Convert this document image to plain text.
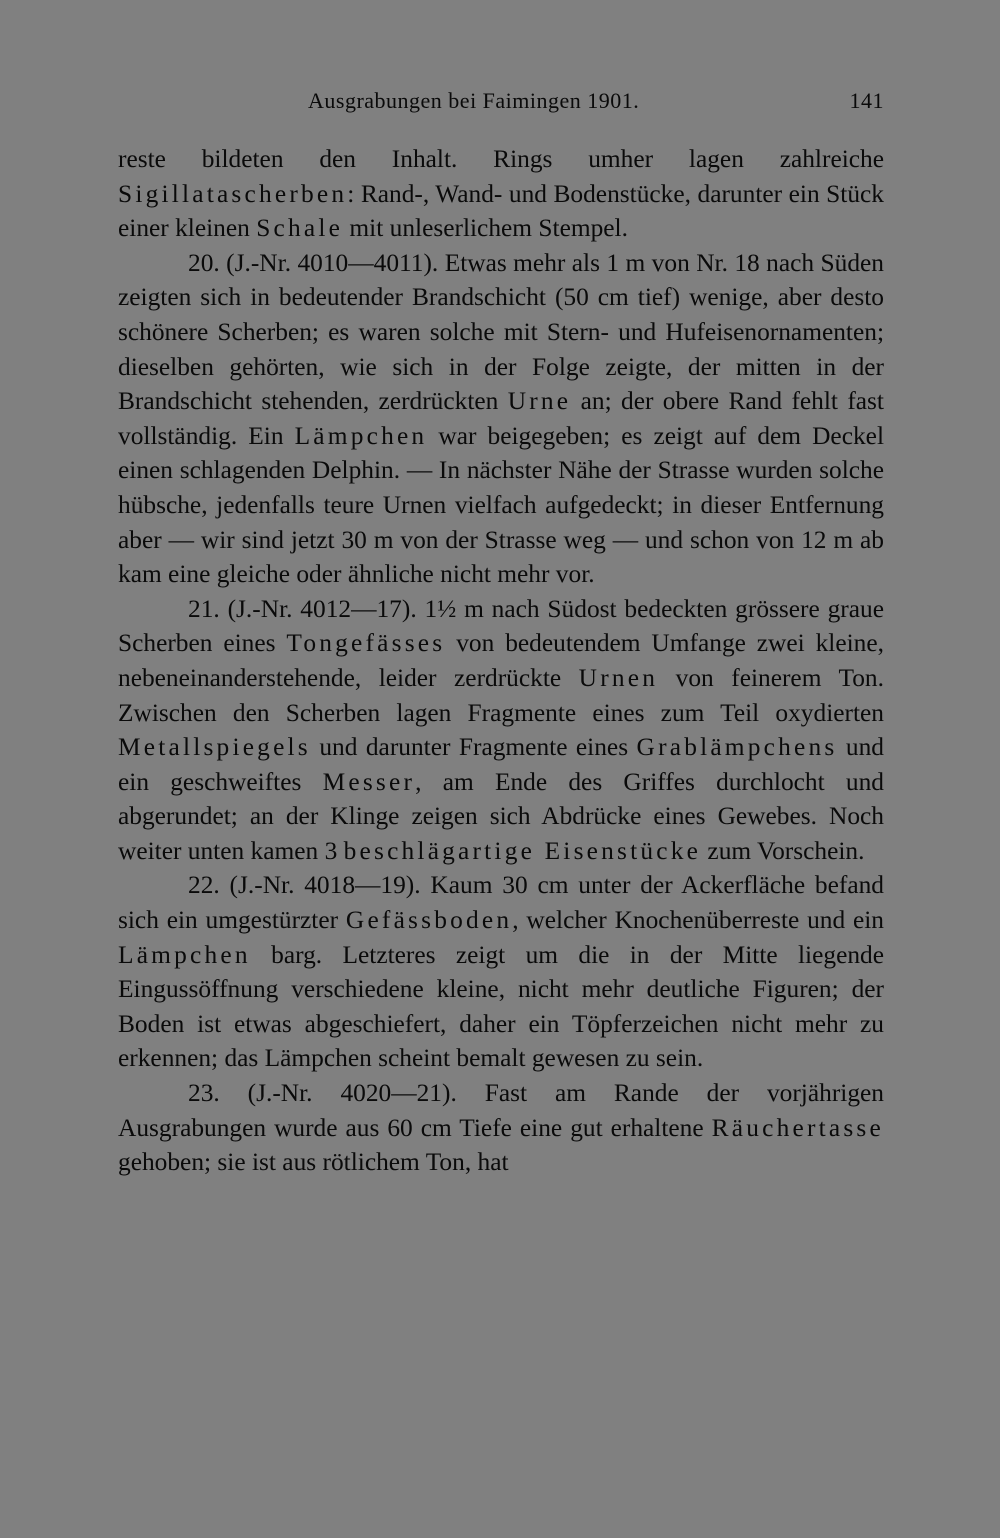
Ausgrabungen bei Faimingen 1901.	141

reste bildeten den Inhalt. Rings umher lagen zahlreiche Sigillatascherben: Rand-, Wand- und Bodenstücke, darunter ein Stück einer kleinen Schale mit unleserlichem Stempel.

20. (J.-Nr. 4010—4011). Etwas mehr als 1 m von Nr. 18 nach Süden zeigten sich in bedeutender Brandschicht (50 cm tief) wenige, aber desto schönere Scherben; es waren solche mit Stern- und Hufeisenornamenten; dieselben gehörten, wie sich in der Folge zeigte, der mitten in der Brandschicht stehenden, zerdrückten Urne an; der obere Rand fehlt fast vollständig. Ein Lämpchen war beigegeben; es zeigt auf dem Deckel einen schlagenden Delphin. — In nächster Nähe der Strasse wurden solche hübsche, jedenfalls teure Urnen vielfach aufgedeckt; in dieser Entfernung aber — wir sind jetzt 30 m von der Strasse weg — und schon von 12 m ab kam eine gleiche oder ähnliche nicht mehr vor.

21. (J.-Nr. 4012—17). 1½ m nach Südost bedeckten grössere graue Scherben eines Tongefässes von bedeutendem Umfange zwei kleine, nebeneinanderstehende, leider zerdrückte Urnen von feinerem Ton. Zwischen den Scherben lagen Fragmente eines zum Teil oxydierten Metallspiegels und darunter Fragmente eines Grablämpchens und ein geschweiftes Messer, am Ende des Griffes durchlocht und abgerundet; an der Klinge zeigen sich Abdrücke eines Gewebes. Noch weiter unten kamen 3 beschlägartige Eisenstücke zum Vorschein.

22. (J.-Nr. 4018—19). Kaum 30 cm unter der Ackerfläche befand sich ein umgestürzter Gefässboden, welcher Knochenüberreste und ein Lämpchen barg. Letzteres zeigt um die in der Mitte liegende Eingussöffnung verschiedene kleine, nicht mehr deutliche Figuren; der Boden ist etwas abgeschiefert, daher ein Töpferzeichen nicht mehr zu erkennen; das Lämpchen scheint bemalt gewesen zu sein.

23. (J.-Nr. 4020—21). Fast am Rande der vorjährigen Ausgrabungen wurde aus 60 cm Tiefe eine gut erhaltene Räuchertasse gehoben; sie ist aus rötlichem Ton, hat
